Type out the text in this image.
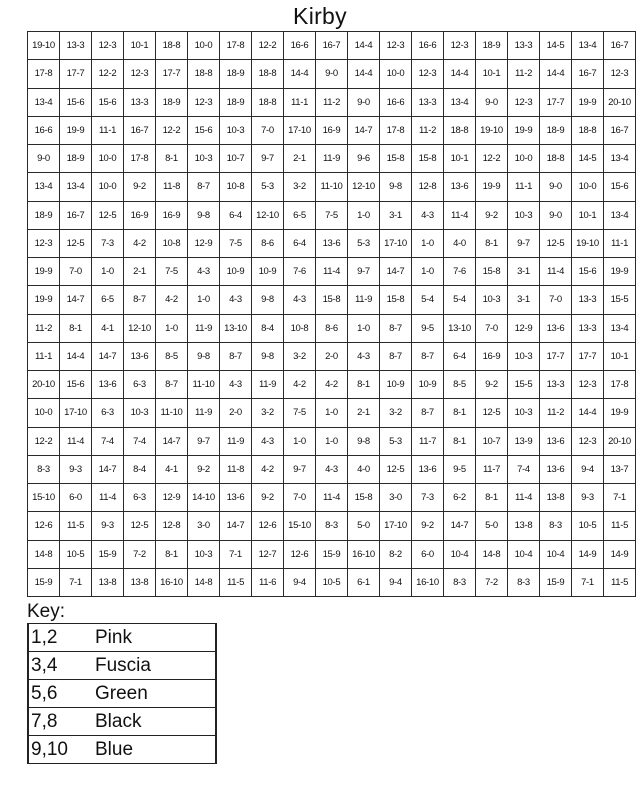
Kirby
19-10	13-3	12-3	10-1	18-8	10-0	17-8	12-2	16-6	16-7	14-4	12-3	16-6	12-3	18-9	13-3	14-5	13-4	16-7
17-8	17-7	12-2	12-3	17-7	18-8	18-9	18-8	14-4	9-0	14-4	10-0	12-3	14-4	10-1	11-2	14-4	16-7	12-3
13-4	15-6	15-6	13-3	18-9	12-3	18-9	18-8	11-1	11-2	9-0	16-6	13-3	13-4	9-0	12-3	17-7	19-9	20-10
16-6	19-9	11-1	16-7	12-2	15-6	10-3	7-0	17-10	16-9	14-7	17-8	11-2	18-8	19-10	19-9	18-9	18-8	16-7
9-0	18-9	10-0	17-8	8-1	10-3	10-7	9-7	2-1	11-9	9-6	15-8	15-8	10-1	12-2	10-0	18-8	14-5	13-4
13-4	13-4	10-0	9-2	11-8	8-7	10-8	5-3	3-2	11-10	12-10	9-8	12-8	13-6	19-9	11-1	9-0	10-0	15-6
18-9	16-7	12-5	16-9	16-9	9-8	6-4	12-10	6-5	7-5	1-0	3-1	4-3	11-4	9-2	10-3	9-0	10-1	13-4
12-3	12-5	7-3	4-2	10-8	12-9	7-5	8-6	6-4	13-6	5-3	17-10	1-0	4-0	8-1	9-7	12-5	19-10	11-1
19-9	7-0	1-0	2-1	7-5	4-3	10-9	10-9	7-6	11-4	9-7	14-7	1-0	7-6	15-8	3-1	11-4	15-6	19-9
19-9	14-7	6-5	8-7	4-2	1-0	4-3	9-8	4-3	15-8	11-9	15-8	5-4	5-4	10-3	3-1	7-0	13-3	15-5
11-2	8-1	4-1	12-10	1-0	11-9	13-10	8-4	10-8	8-6	1-0	8-7	9-5	13-10	7-0	12-9	13-6	13-3	13-4
11-1	14-4	14-7	13-6	8-5	9-8	8-7	9-8	3-2	2-0	4-3	8-7	8-7	6-4	16-9	10-3	17-7	17-7	10-1
20-10	15-6	13-6	6-3	8-7	11-10	4-3	11-9	4-2	4-2	8-1	10-9	10-9	8-5	9-2	15-5	13-3	12-3	17-8
10-0	17-10	6-3	10-3	11-10	11-9	2-0	3-2	7-5	1-0	2-1	3-2	8-7	8-1	12-5	10-3	11-2	14-4	19-9
12-2	11-4	7-4	7-4	14-7	9-7	11-9	4-3	1-0	1-0	9-8	5-3	11-7	8-1	10-7	13-9	13-6	12-3	20-10
8-3	9-3	14-7	8-4	4-1	9-2	11-8	4-2	9-7	4-3	4-0	12-5	13-6	9-5	11-7	7-4	13-6	9-4	13-7
15-10	6-0	11-4	6-3	12-9	14-10	13-6	9-2	7-0	11-4	15-8	3-0	7-3	6-2	8-1	11-4	13-8	9-3	7-1
12-6	11-5	9-3	12-5	12-8	3-0	14-7	12-6	15-10	8-3	5-0	17-10	9-2	14-7	5-0	13-8	8-3	10-5	11-5
14-8	10-5	15-9	7-2	8-1	10-3	7-1	12-7	12-6	15-9	16-10	8-2	6-0	10-4	14-8	10-4	10-4	14-9	14-9
15-9	7-1	13-8	13-8	16-10	14-8	11-5	11-6	9-4	10-5	6-1	9-4	16-10	8-3	7-2	8-3	15-9	7-1	11-5
Key:
1,2	Pink
3,4	Fuscia
5,6	Green
7,8	Black
9,10	Blue
